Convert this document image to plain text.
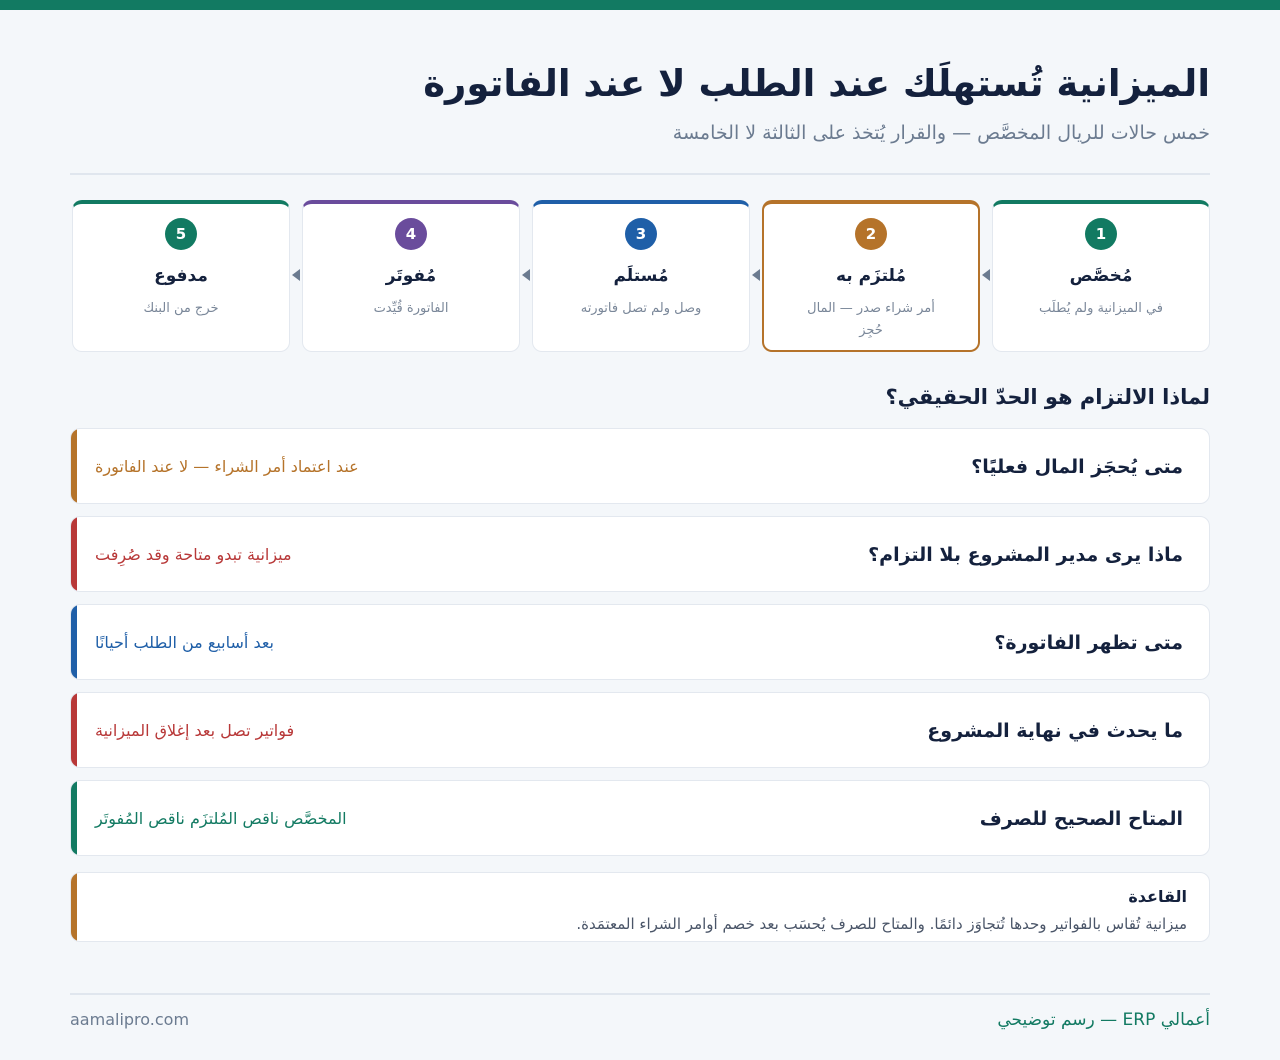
الميزانية تُستهلَك عند الطلب لا عند الفاتورة
خمس حالات للريال المخصَّص — والقرار يُتخذ على الثالثة لا الخامسة
1
مُخصَّص
في الميزانية ولم يُطلَب
2
مُلتزَم به
أمر شراء صدر — المال حُجِز
3
مُستلَم
وصل ولم تصل فاتورته
4
مُفوتَر
الفاتورة قُيِّدت
5
مدفوع
خرج من البنك
لماذا الالتزام هو الحدّ الحقيقي؟
متى يُحجَز المال فعليًا؟
عند اعتماد أمر الشراء — لا عند الفاتورة
ماذا يرى مدير المشروع بلا التزام؟
ميزانية تبدو متاحة وقد صُرِفت
متى تظهر الفاتورة؟
بعد أسابيع من الطلب أحيانًا
ما يحدث في نهاية المشروع
فواتير تصل بعد إغلاق الميزانية
المتاح الصحيح للصرف
المخصَّص ناقص المُلتزَم ناقص المُفوتَر
القاعدة
ميزانية تُقاس بالفواتير وحدها تُتجاوَز دائمًا. والمتاح للصرف يُحسَب بعد خصم أوامر الشراء المعتمَدة.
أعمالي ERP — رسم توضيحي
aamalipro.com
